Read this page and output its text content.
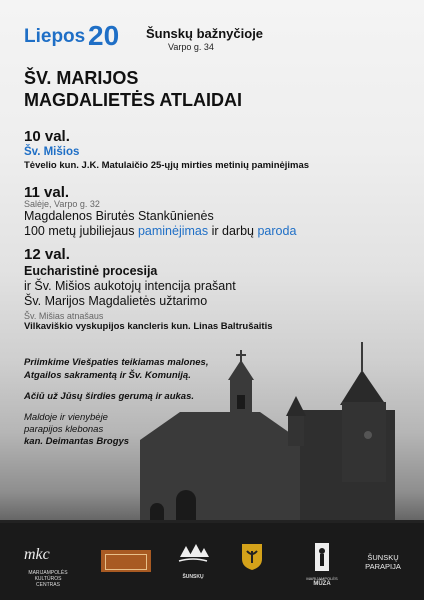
Liepos 20 Šunskų bažnyčioje
Varpo g. 34
ŠV. MARIJOS
MAGDALIETĖS ATLAIDAI
10 val.
Šv. Mišios
Tėvelio kun. J.K. Matulaičio 25-ųjų mirties metinių paminėjimas
11 val.
Salėje, Varpo g. 32
Magdalenos Birutės Stankūnienės
100 metų jubiliejaus paminėjimas ir darbų paroda
12 val.
Eucharistinė procesija
ir Šv. Mišios aukotojų intencija prašant
Šv. Marijos Magdalietės užtarimo
Šv. Mišias atnašaus
Vilkaviškio vyskupijos kancleris kun. Linas Baltrušaitis
Priimkime Viešpaties teikiamas malones,
Atgailos sakramentą ir Šv. Komuniją.
Ačiū už Jūsų širdies gerumą ir aukas.
Maldoje ir vienybėje
parapijos klebonas
kan. Deimantas Brogys
mkc
MARIJAMPOLĖS KULTŪROS CENTRAS
ŠUNSKŲ	MARIJAMPOLĖS
MŪZA
ŠUNSKŲ
PARAPIJA
